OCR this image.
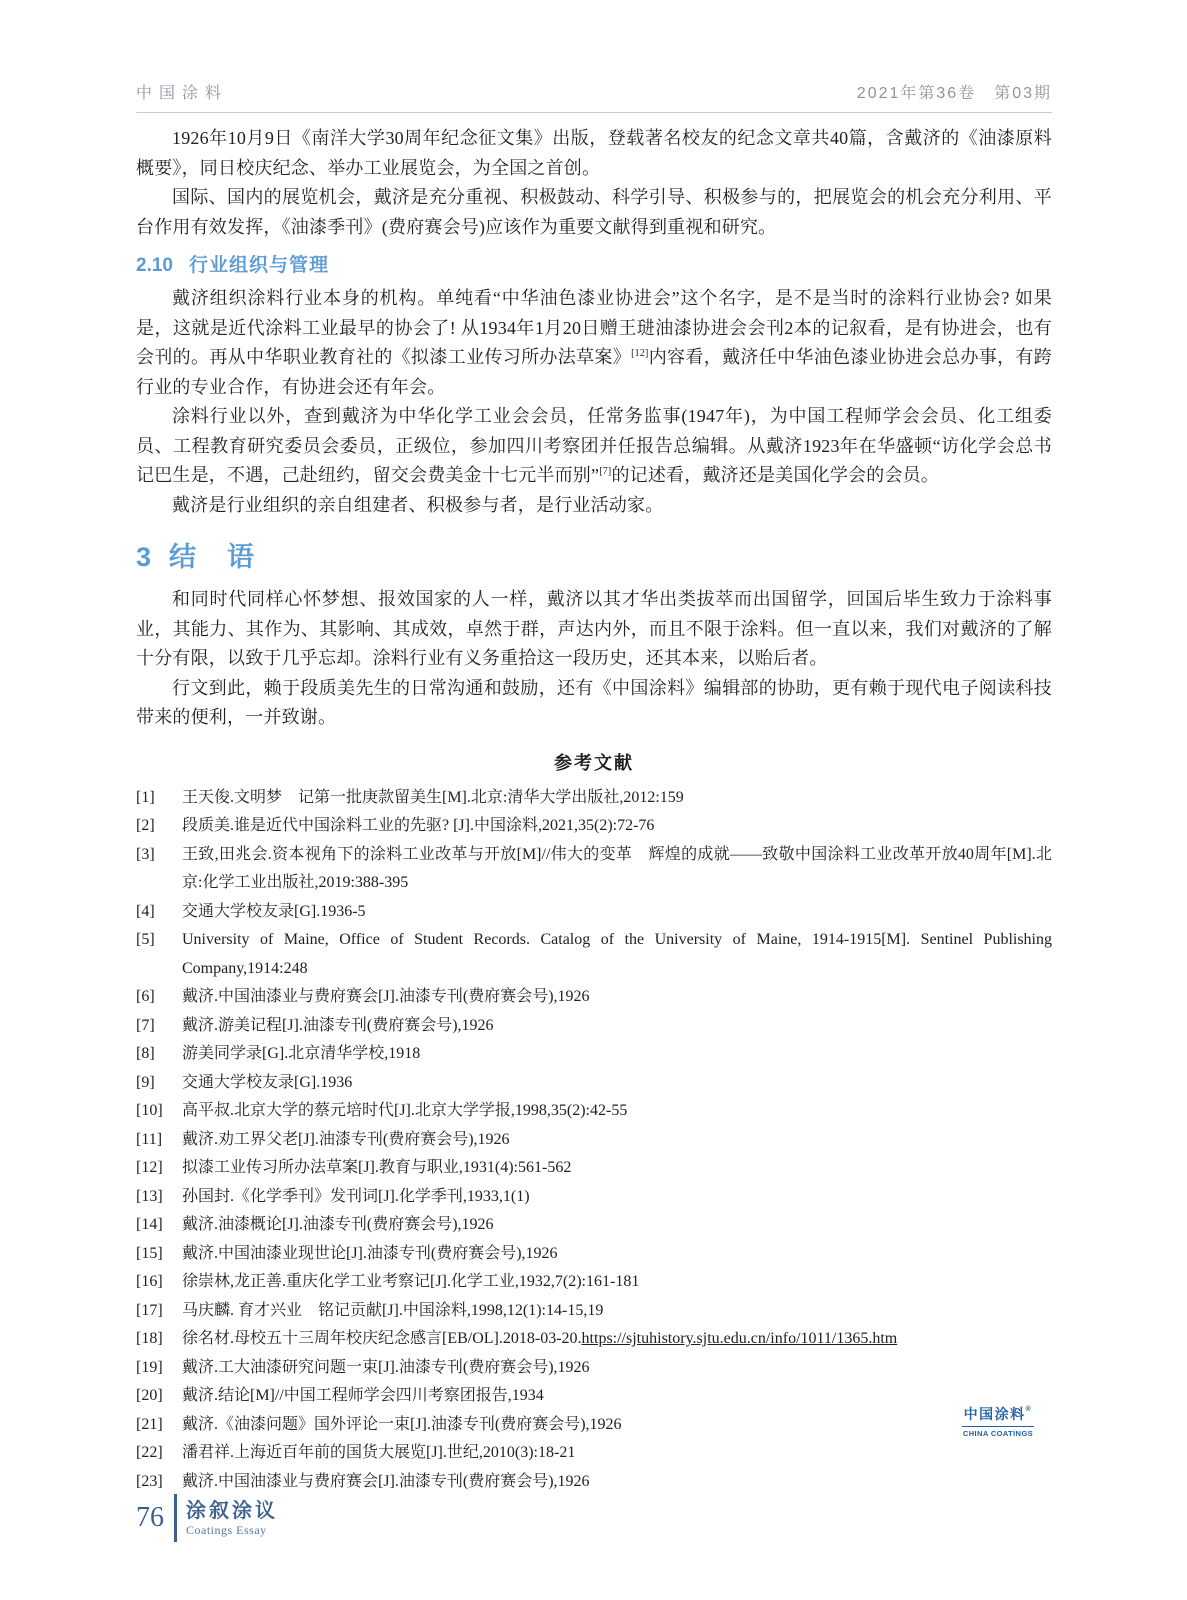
中国涂料	2021年第36卷　第03期

1926年10月9日《南洋大学30周年纪念征文集》出版，登载著名校友的纪念文章共40篇，含戴济的《油漆原料概要》，同日校庆纪念、举办工业展览会，为全国之首创。

国际、国内的展览机会，戴济是充分重视、积极鼓动、科学引导、积极参与的，把展览会的机会充分利用、平台作用有效发挥，《油漆季刊》(费府赛会号)应该作为重要文献得到重视和研究。

2.10 行业组织与管理

戴济组织涂料行业本身的机构。单纯看“中华油色漆业协进会”这个名字，是不是当时的涂料行业协会? 如果是，这就是近代涂料工业最早的协会了! 从1934年1月20日赠王琎油漆协进会会刊2本的记叙看，是有协进会，也有会刊的。再从中华职业教育社的《拟漆工业传习所办法草案》[12]内容看，戴济任中华油色漆业协进会总办事，有跨行业的专业合作，有协进会还有年会。

涂料行业以外，查到戴济为中华化学工业会会员，任常务监事(1947年)，为中国工程师学会会员、化工组委员、工程教育研究委员会委员，正级位，参加四川考察团并任报告总编辑。从戴济1923年在华盛顿“访化学会总书记巴生是，不遇，己赴纽约，留交会费美金十七元半而别”[7]的记述看，戴济还是美国化学会的会员。

戴济是行业组织的亲自组建者、积极参与者，是行业活动家。

3 结　语

和同时代同样心怀梦想、报效国家的人一样，戴济以其才华出类拔萃而出国留学，回国后毕生致力于涂料事业，其能力、其作为、其影响、其成效，卓然于群，声达内外，而且不限于涂料。但一直以来，我们对戴济的了解十分有限，以致于几乎忘却。涂料行业有义务重拾这一段历史，还其本来，以贻后者。

行文到此，赖于段质美先生的日常沟通和鼓励，还有《中国涂料》编辑部的协助，更有赖于现代电子阅读科技带来的便利，一并致谢。

参考文献
[1]	王天俊.文明梦　记第一批庚款留美生[M].北京:清华大学出版社,2012:159
[2]	段质美.谁是近代中国涂料工业的先驱? [J].中国涂料,2021,35(2):72-76
[3]	王致,田兆会.资本视角下的涂料工业改革与开放[M]//伟大的变革　辉煌的成就——致敬中国涂料工业改革开放40周年[M].北京:化学工业出版社,2019:388-395
[4]	交通大学校友录[G].1936-5
[5]	University of Maine, Office of Student Records. Catalog of the University of Maine, 1914-1915[M]. Sentinel Publishing Company,1914:248
[6]	戴济.中国油漆业与费府赛会[J].油漆专刊(费府赛会号),1926
[7]	戴济.游美记程[J].油漆专刊(费府赛会号),1926
[8]	游美同学录[G].北京清华学校,1918
[9]	交通大学校友录[G].1936
[10]	高平叔.北京大学的蔡元培时代[J].北京大学学报,1998,35(2):42-55
[11]	戴济.劝工界父老[J].油漆专刊(费府赛会号),1926
[12]	拟漆工业传习所办法草案[J].教育与职业,1931(4):561-562
[13]	孙国封.《化学季刊》发刊词[J].化学季刊,1933,1(1)
[14]	戴济.油漆概论[J].油漆专刊(费府赛会号),1926
[15]	戴济.中国油漆业现世论[J].油漆专刊(费府赛会号),1926
[16]	徐崇林,龙正善.重庆化学工业考察记[J].化学工业,1932,7(2):161-181
[17]	马庆麟. 育才兴业　铭记贡献[J].中国涂料,1998,12(1):14-15,19
[18]	徐名材.母校五十三周年校庆纪念感言[EB/OL].2018-03-20.https://sjtuhistory.sjtu.edu.cn/info/1011/1365.htm
[19]	戴济.工大油漆研究问题一束[J].油漆专刊(费府赛会号),1926
[20]	戴济.结论[M]//中国工程师学会四川考察团报告,1934
[21]	戴济.《油漆问题》国外评论一束[J].油漆专刊(费府赛会号),1926
[22]	潘君祥.上海近百年前的国货大展览[J].世纪,2010(3):18-21
[23]	戴济.中国油漆业与费府赛会[J].油漆专刊(费府赛会号),1926
76 涂叙涂议
Coatings Essay
中国涂料®
CHINA COATINGS
